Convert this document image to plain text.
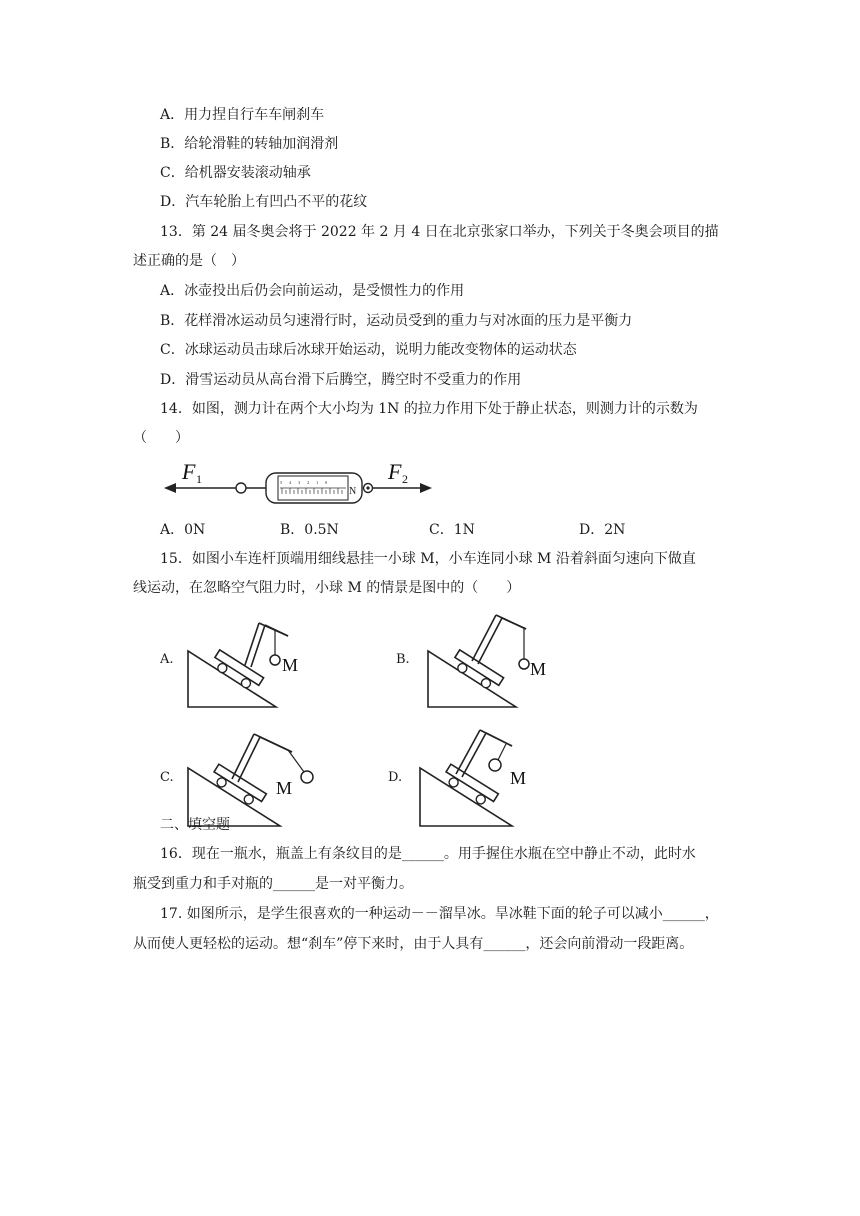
A．用力捏自行车车闸刹车
B．给轮滑鞋的转轴加润滑剂
C．给机器安装滚动轴承
D．汽车轮胎上有凹凸不平的花纹
13．第 24 届冬奥会将于 2022 年 2 月 4 日在北京张家口举办，下列关于冬奥会项目的描
述正确的是（　）
A．冰壶投出后仍会向前运动，是受惯性力的作用
B．花样滑冰运动员匀速滑行时，运动员受到的重力与对冰面的压力是平衡力
C．冰球运动员击球后冰球开始运动，说明力能改变物体的运动状态
D．滑雪运动员从高台滑下后腾空，腾空时不受重力的作用
14．如图，测力计在两个大小均为 1N 的拉力作用下处于静止状态，则测力计的示数为
（　　）
5 4 3 2 1 0
N
F 1	F 2
A．0N	B．0.5N	C．1N	D．2N
15．如图小车连杆顶端用细线悬挂一小球 M，小车连同小球 M 沿着斜面匀速向下做直
线运动，在忽略空气阻力时，小球 M 的情景是图中的（　　）
A.	M	B.	M
C.
M
D.	M
二、填空题
16．现在一瓶水，瓶盖上有条纹目的是______。用手握住水瓶在空中静止不动，此时水
瓶受到重力和手对瓶的______是一对平衡力。
17. 如图所示，是学生很喜欢的一种运动－－溜旱冰。旱冰鞋下面的轮子可以减小______，
从而使人更轻松的运动。想“刹车”停下来时，由于人具有______，还会向前滑动一段距离。
